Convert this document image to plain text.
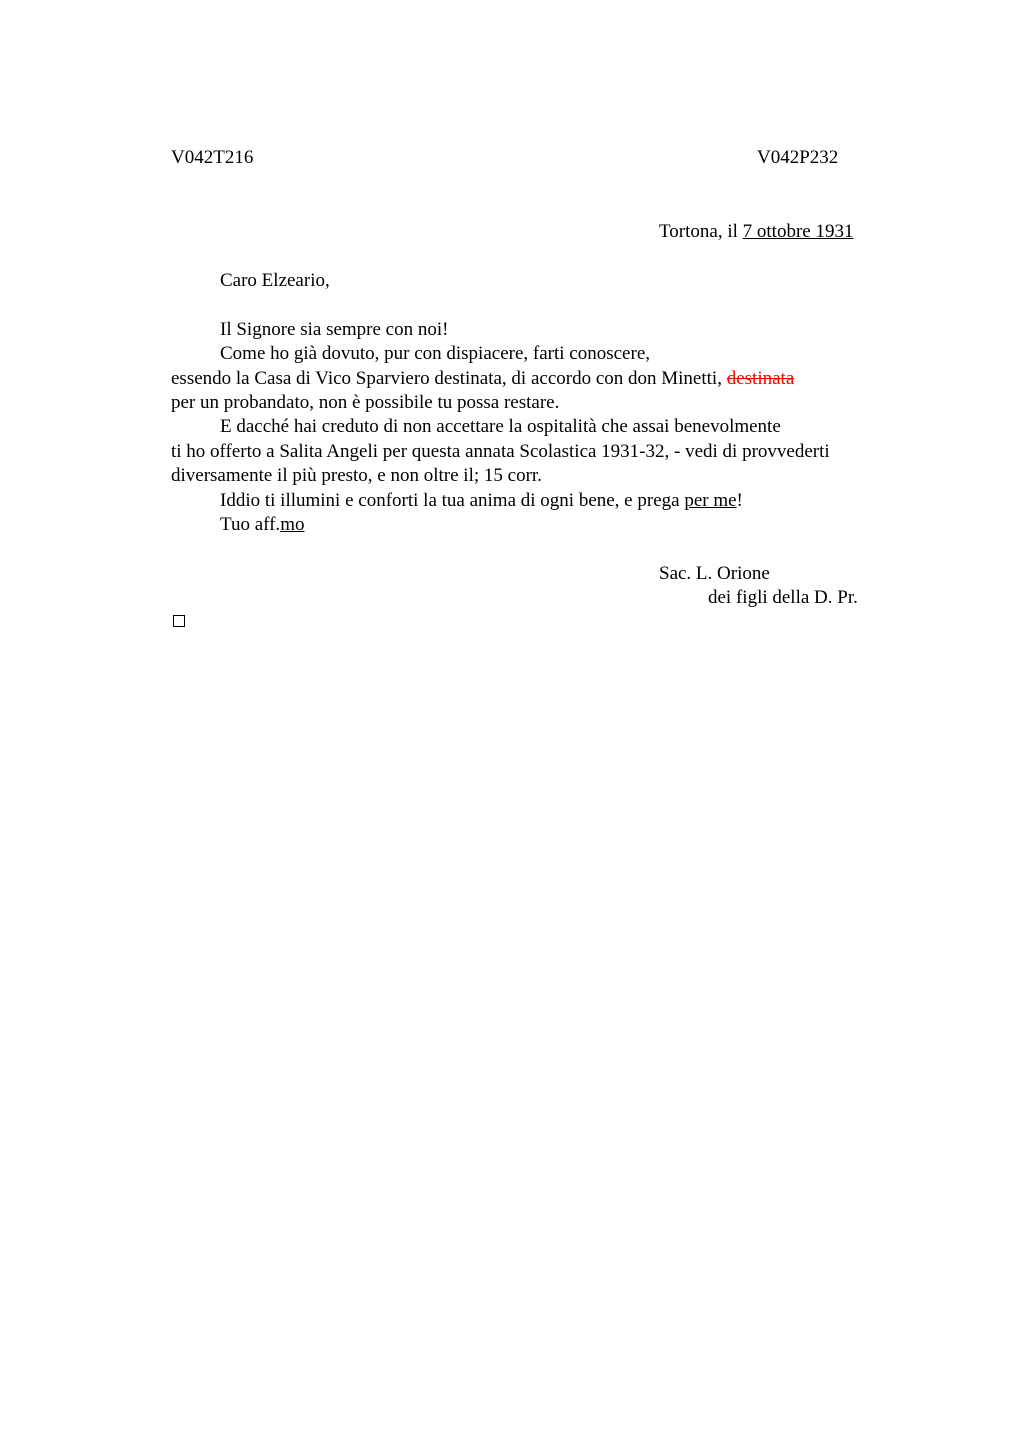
V042T216	V042P232
Tortona, il 7 ottobre 1931
Caro Elzeario,
Il Signore sia sempre con noi!
Come ho già dovuto, pur con dispiacere, farti conoscere,
essendo la Casa di Vico Sparviero destinata, di accordo con don Minetti, destinata
per un probandato, non è possibile tu possa restare.
E dacché hai creduto di non accettare la ospitalità che assai benevolmente
ti ho offerto a Salita Angeli per questa annata Scolastica 1931-32, - vedi di provvederti
diversamente il più presto, e non oltre il; 15 corr.
Iddio ti illumini e conforti la tua anima di ogni bene, e prega per me!
Tuo aff.mo
Sac. L. Orione
dei figli della D. Pr.
